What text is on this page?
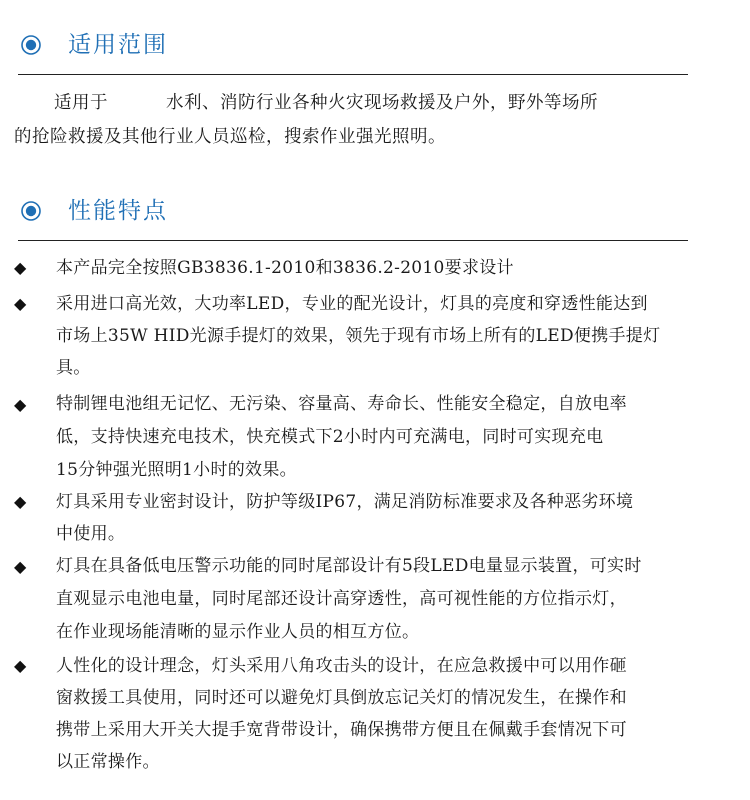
适用范围
适用于	水利、消防行业各种火灾现场救援及户外，野外等场所
的抢险救援及其他行业人员巡检，搜索作业强光照明。
性能特点
◆	本产品完全按照GB3836.1-2010和3836.2-2010要求设计
◆	采用进口高光效，大功率LED，专业的配光设计，灯具的亮度和穿透性能达到
市场上35W HID光源手提灯的效果，领先于现有市场上所有的LED便携手提灯
具。
◆	特制锂电池组无记忆、无污染、容量高、寿命长、性能安全稳定，自放电率
低，支持快速充电技术，快充模式下2小时内可充满电，同时可实现充电
15分钟强光照明1小时的效果。
◆	灯具采用专业密封设计，防护等级IP67，满足消防标准要求及各种恶劣环境
中使用。
◆	灯具在具备低电压警示功能的同时尾部设计有5段LED电量显示装置，可实时
直观显示电池电量，同时尾部还设计高穿透性，高可视性能的方位指示灯，
在作业现场能清晰的显示作业人员的相互方位。
◆	人性化的设计理念，灯头采用八角攻击头的设计，在应急救援中可以用作砸
窗救援工具使用，同时还可以避免灯具倒放忘记关灯的情况发生，在操作和
携带上采用大开关大提手宽背带设计，确保携带方便且在佩戴手套情况下可
以正常操作。
